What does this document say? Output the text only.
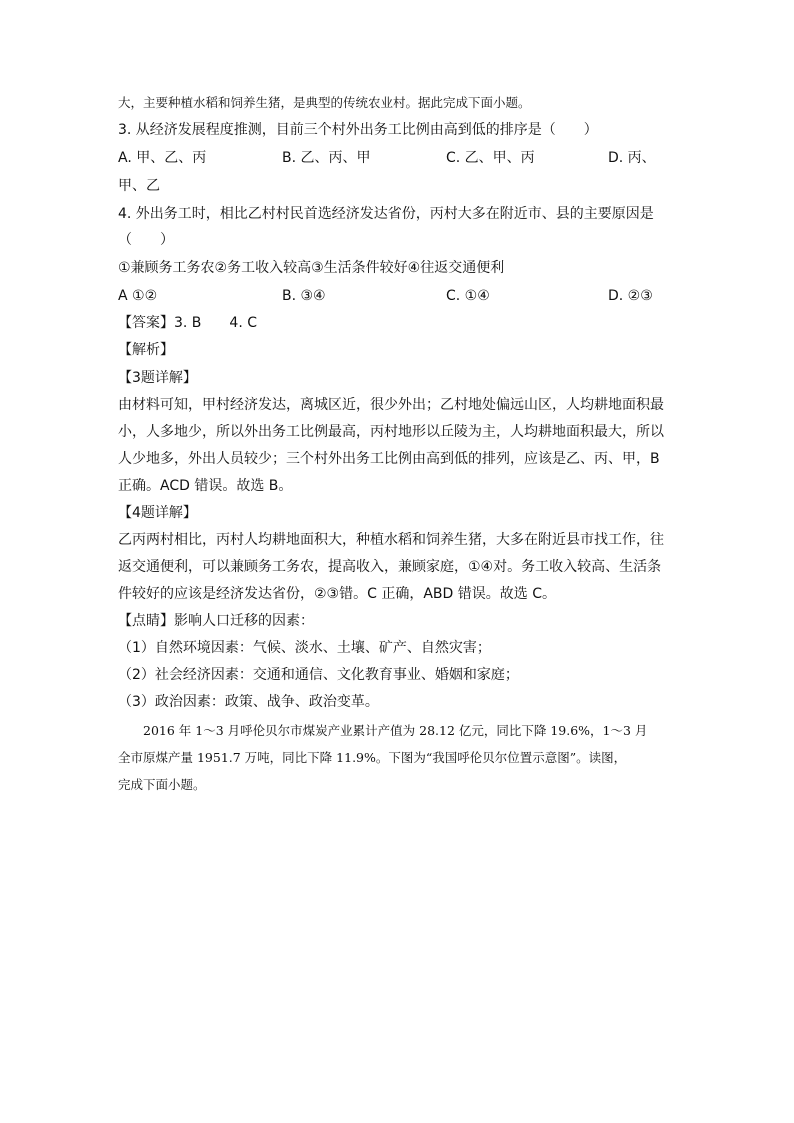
大，主要种植水稻和饲养生猪，是典型的传统农业村。据此完成下面小题。
3. 从经济发展程度推测，目前三个村外出务工比例由高到低的排序是（　　）
A. 甲、乙、丙	B. 乙、丙、甲	C. 乙、甲、丙	D. 丙、
甲、乙
4. 外出务工时，相比乙村村民首选经济发达省份，丙村大多在附近市、县的主要原因是
（　　）
①兼顾务工务农②务工收入较高③生活条件较好④往返交通便利
A ①②	B. ③④	C. ①④	D. ②③
【答案】3. B　　4. C
【解析】
【3题详解】
由材料可知，甲村经济发达，离城区近，很少外出；乙村地处偏远山区，人均耕地面积最
小，人多地少，所以外出务工比例最高，丙村地形以丘陵为主，人均耕地面积最大，所以
人少地多，外出人员较少；三个村外出务工比例由高到低的排列，应该是乙、丙、甲，B
正确。ACD 错误。故选 B。
【4题详解】
乙丙两村相比，丙村人均耕地面积大，种植水稻和饲养生猪，大多在附近县市找工作，往
返交通便利，可以兼顾务工务农，提高收入，兼顾家庭，①④对。务工收入较高、生活条
件较好的应该是经济发达省份，②③错。C 正确，ABD 错误。故选 C。
【点睛】影响人口迁移的因素：
（1）自然环境因素：气候、淡水、土壤、矿产、自然灾害；
（2）社会经济因素：交通和通信、文化教育事业、婚姻和家庭；
（3）政治因素：政策、战争、政治变革。
　　2016 年 1～3 月呼伦贝尔市煤炭产业累计产值为 28.12 亿元，同比下降 19.6%，1～3 月
全市原煤产量 1951.7 万吨，同比下降 11.9%。下图为“我国呼伦贝尔位置示意图”。读图，
完成下面小题。
